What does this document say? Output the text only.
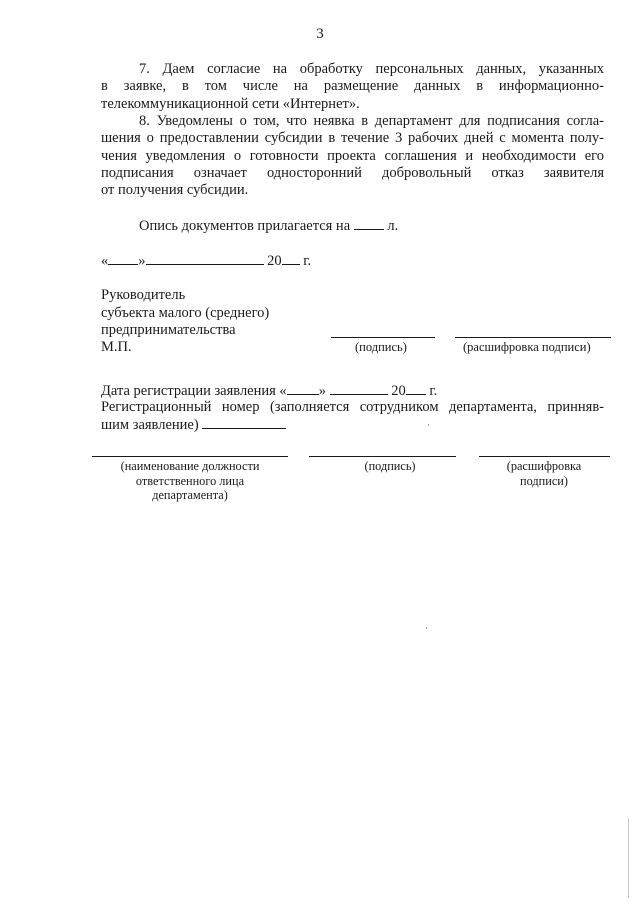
3
7. Даем согласие на обработку персональных данных, указанных
в заявке, в том числе на размещение данных в информационно-
телекоммуникационной сети «Интернет».
8. Уведомлены о том, что неявка в департамент для подписания согла-
шения о предоставлении субсидии в течение 3 рабочих дней с момента полу-
чения уведомления о готовности проекта соглашения и необходимости его
подписания означает односторонний добровольный отказ заявителя
от получения субсидии.
Опись документов прилагается на	л.
« »	20 г.
Руководитель
субъекта малого (среднего)
предпринимательства
М.П.	(подпись)	(расшифровка подписи)
Дата регистрации заявления « »	20 г.
Регистрационный номер (заполняется сотрудником департамента, принняв-
шим заявление)
(наименование должности
ответственного лица
департамента)
(подпись)	(расшифровка
подписи)
